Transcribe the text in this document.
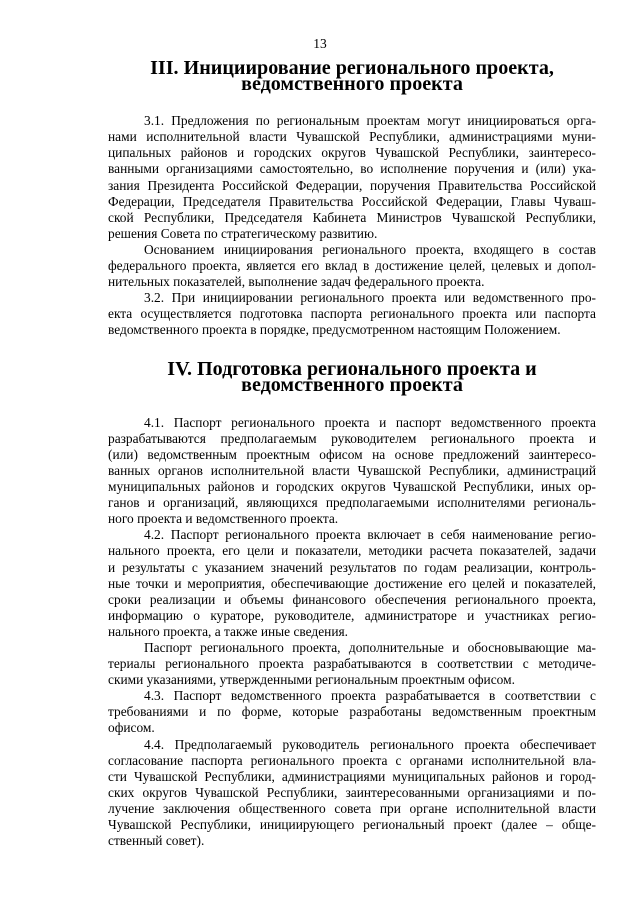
13
III. Инициирование регионального проекта,
ведомственного проекта
3.1. Предложения по региональным проектам могут инициироваться орга-
нами исполнительной власти Чувашской Республики, администрациями муни-
ципальных районов и городских округов Чувашской Республики, заинтересо-
ванными организациями самостоятельно, во исполнение поручения и (или) ука-
зания Президента Российской Федерации, поручения Правительства Российской
Федерации, Председателя Правительства Российской Федерации, Главы Чуваш-
ской Республики, Председателя Кабинета Министров Чувашской Республики,
решения Совета по стратегическому развитию.
Основанием инициирования регионального проекта, входящего в состав
федерального проекта, является его вклад в достижение целей, целевых и допол-
нительных показателей, выполнение задач федерального проекта.
3.2. При инициировании регионального проекта или ведомственного про-
екта осуществляется подготовка паспорта регионального проекта или паспорта
ведомственного проекта в порядке, предусмотренном настоящим Положением.
IV. Подготовка регионального проекта и ведомственного проекта
4.1. Паспорт регионального проекта и паспорт ведомственного проекта
разрабатываются предполагаемым руководителем регионального проекта и
(или) ведомственным проектным офисом на основе предложений заинтересо-
ванных органов исполнительной власти Чувашской Республики, администраций
муниципальных районов и городских округов Чувашской Республики, иных ор-
ганов и организаций, являющихся предполагаемыми исполнителями региональ-
ного проекта и ведомственного проекта.
4.2. Паспорт регионального проекта включает в себя наименование регио-
нального проекта, его цели и показатели, методики расчета показателей, задачи
и результаты с указанием значений результатов по годам реализации, контроль-
ные точки и мероприятия, обеспечивающие достижение его целей и показателей,
сроки реализации и объемы финансового обеспечения регионального проекта,
информацию о кураторе, руководителе, администраторе и участниках регио-
нального проекта, а также иные сведения.
Паспорт регионального проекта, дополнительные и обосновывающие ма-
териалы регионального проекта разрабатываются в соответствии с методиче-
скими указаниями, утвержденными региональным проектным офисом.
4.3. Паспорт ведомственного проекта разрабатывается в соответствии с
требованиями и по форме, которые разработаны ведомственным проектным
офисом.
4.4. Предполагаемый руководитель регионального проекта обеспечивает
согласование паспорта регионального проекта с органами исполнительной вла-
сти Чувашской Республики, администрациями муниципальных районов и город-
ских округов Чувашской Республики, заинтересованными организациями и по-
лучение заключения общественного совета при органе исполнительной власти
Чувашской Республики, инициирующего региональный проект (далее – обще-
ственный совет).
